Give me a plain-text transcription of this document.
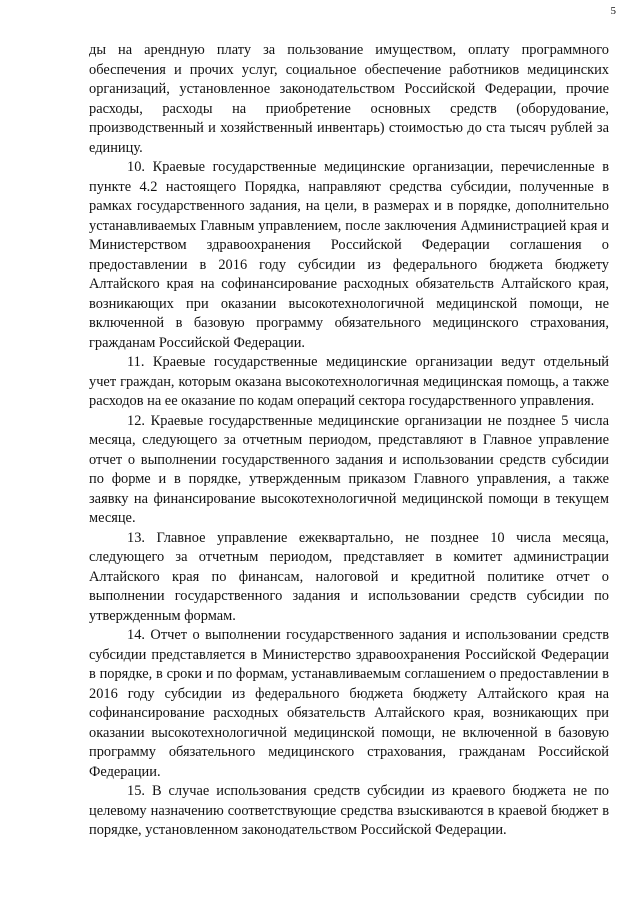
5

ды на арендную плату за пользование имуществом, оплату программного обеспечения и прочих услуг, социальное обеспечение работников медицинских организаций, установленное законодательством Российской Федерации, прочие расходы, расходы на приобретение основных средств (оборудование, производственный и хозяйственный инвентарь) стоимостью до ста тысяч рублей за единицу.

10. Краевые государственные медицинские организации, перечисленные в пункте 4.2 настоящего Порядка, направляют средства субсидии, полученные в рамках государственного задания, на цели, в размерах и в порядке, дополнительно устанавливаемых Главным управлением, после заключения Администрацией края и Министерством здравоохранения Российской Федерации соглашения о предоставлении в 2016 году субсидии из федерального бюджета бюджету Алтайского края на софинансирование расходных обязательств Алтайского края, возникающих при оказании высокотехнологичной медицинской помощи, не включенной в базовую программу обязательного медицинского страхования, гражданам Российской Федерации.

11. Краевые государственные медицинские организации ведут отдельный учет граждан, которым оказана высокотехнологичная медицинская помощь, а также расходов на ее оказание по кодам операций сектора государственного управления.

12. Краевые государственные медицинские организации не позднее 5 числа месяца, следующего за отчетным периодом, представляют в Главное управление отчет о выполнении государственного задания и использовании средств субсидии по форме и в порядке, утвержденным приказом Главного управления, а также заявку на финансирование высокотехнологичной медицинской помощи в текущем месяце.

13. Главное управление ежеквартально, не позднее 10 числа месяца, следующего за отчетным периодом, представляет в комитет администрации Алтайского края по финансам, налоговой и кредитной политике отчет о выполнении государственного задания и использовании средств субсидии по утвержденным формам.

14. Отчет о выполнении государственного задания и использовании средств субсидии представляется в Министерство здравоохранения Российской Федерации в порядке, в сроки и по формам, устанавливаемым соглашением о предоставлении в 2016 году субсидии из федерального бюджета бюджету Алтайского края на софинансирование расходных обязательств Алтайского края, возникающих при оказании высокотехнологичной медицинской помощи, не включенной в базовую программу обязательного медицинского страхования, гражданам Российской Федерации.

15. В случае использования средств субсидии из краевого бюджета не по целевому назначению соответствующие средства взыскиваются в краевой бюджет в порядке, установленном законодательством Российской Федерации.
